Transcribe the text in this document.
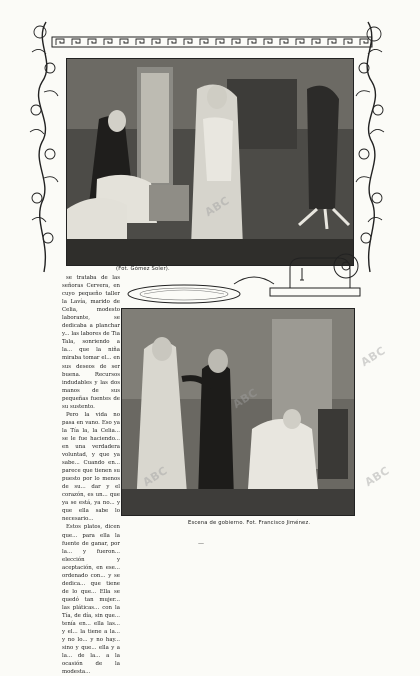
(Fot. Gómez Soler).

se trataba de las señoras Cervera, en cuyo pequeño taller la Lavía, marido de Celia, modesto laborante, se dedicaba a planchar y... las labores de Tia Tala, sonriendo a la... que la niña miraba tomar el... en sus deseos de ser buena. Recursos indudables y las dos manos de sus pequeñas fuentes de su sustento.

Pero la vida no pasa en vano. Eso ya la Tía la, la Celia... se le fue haciendo... en una verdadera voluntad, y que ya sabe... Cuando en... parece que tienen su puesto por lo menos de su... dar y el corazón, es un... que ya se está, ya no... y que ella sabe lo necesario...

Estos platos, dicen que... para ella la fuente de ganar, por la... y fueron... elección y aceptación, en ese... ordenado con... y se dedica... que tiene de lo que... Ella se quedó tan mujer... las pláticas... con la Tía, de día, sin que... tenía en... ella las... y el... la tiene a la... y no lo... y no hay... sino y que... ella y a la... de la... a la ocasión de la modesta...

Escena de gobierno. Fot. Francisco Jiménez.
ABC
ABC
ABC
ABC	ABC
—
